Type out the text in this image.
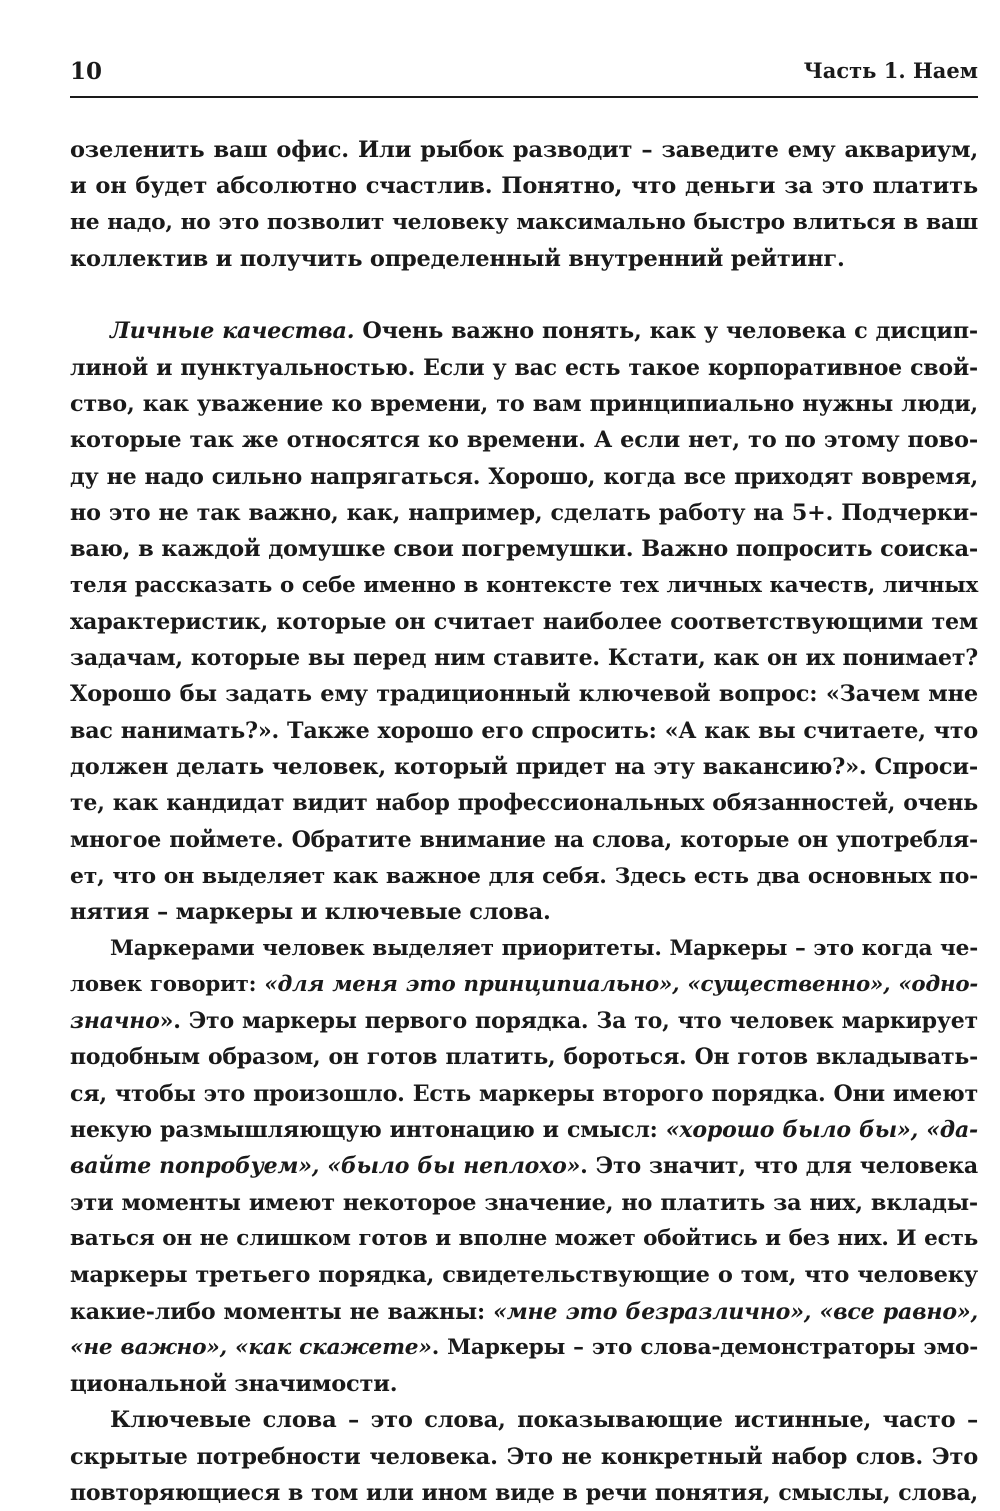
10	Часть 1. Наем
озеленить ваш офис. Или рыбок разводит – заведите ему аквариум,
и он будет абсолютно счастлив. Понятно, что деньги за это платить
не надо, но это позволит человеку максимально быстро влиться в ваш
коллектив и получить определенный внутренний рейтинг.
Личные качества. Очень важно понять, как у человека с дисцип-
линой и пунктуальностью. Если у вас есть такое корпоративное свой-
ство, как уважение ко времени, то вам принципиально нужны люди,
которые так же относятся ко времени. А если нет, то по этому пово-
ду не надо сильно напрягаться. Хорошо, когда все приходят вовремя,
но это не так важно, как, например, сделать работу на 5+. Подчерки-
ваю, в каждой домушке свои погремушки. Важно попросить соиска-
теля рассказать о себе именно в контексте тех личных качеств, личных
характеристик, которые он считает наиболее соответствующими тем
задачам, которые вы перед ним ставите. Кстати, как он их понимает?
Хорошо бы задать ему традиционный ключевой вопрос: «Зачем мне
вас нанимать?». Также хорошо его спросить: «А как вы считаете, что
должен делать человек, который придет на эту вакансию?». Спроси-
те, как кандидат видит набор профессиональных обязанностей, очень
многое поймете. Обратите внимание на слова, которые он употребля-
ет, что он выделяет как важное для себя. Здесь есть два основных по-
нятия – маркеры и ключевые слова.
Маркерами человек выделяет приоритеты. Маркеры – это когда че-
ловек говорит: «для меня это принципиально», «существенно», «одно-
значно». Это маркеры первого порядка. За то, что человек маркирует
подобным образом, он готов платить, бороться. Он готов вкладывать-
ся, чтобы это произошло. Есть маркеры второго порядка. Они имеют
некую размышляющую интонацию и смысл: «хорошо было бы», «да-
вайте попробуем», «было бы неплохо». Это значит, что для человека
эти моменты имеют некоторое значение, но платить за них, вклады-
ваться он не слишком готов и вполне может обойтись и без них. И есть
маркеры третьего порядка, свидетельствующие о том, что человеку
какие-либо моменты не важны: «мне это безразлично», «все равно»,
«не важно», «как скажете». Маркеры – это слова-демонстраторы эмо-
циональной значимости.
Ключевые слова – это слова, показывающие истинные, часто –
скрытые потребности человека. Это не конкретный набор слов. Это
повторяющиеся в том или ином виде в речи понятия, смыслы, слова,
